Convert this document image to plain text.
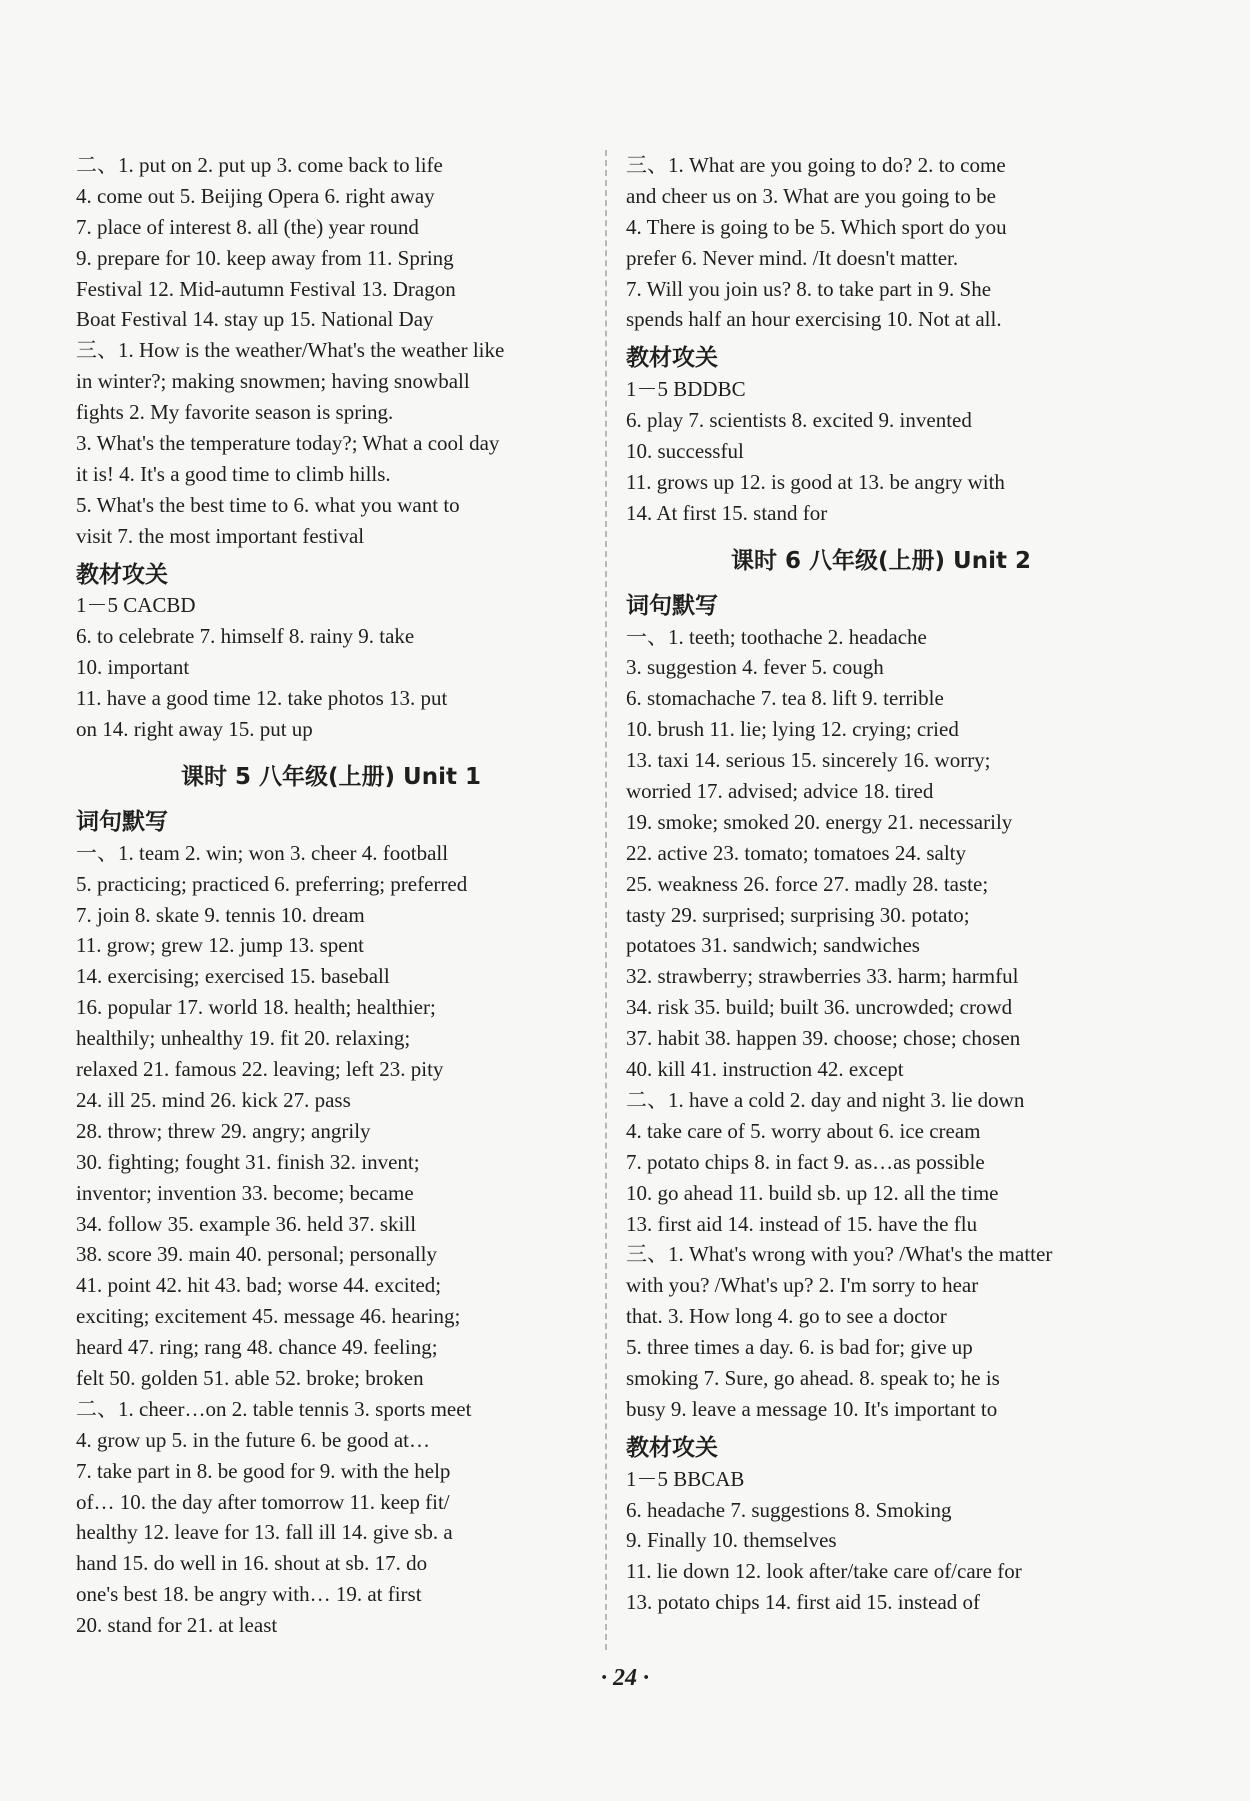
二、1. put on 2. put up 3. come back to life
4. come out 5. Beijing Opera 6. right away
7. place of interest 8. all (the) year round
9. prepare for 10. keep away from 11. Spring
Festival 12. Mid-autumn Festival 13. Dragon
Boat Festival 14. stay up 15. National Day
三、1. How is the weather/What's the weather like
in winter?; making snowmen; having snowball
fights 2. My favorite season is spring.
3. What's the temperature today?; What a cool day
it is! 4. It's a good time to climb hills.
5. What's the best time to 6. what you want to
visit 7. the most important festival
教材攻关
1－5 CACBD
6. to celebrate 7. himself 8. rainy 9. take
10. important
11. have a good time 12. take photos 13. put
on 14. right away 15. put up
课时 5 八年级(上册) Unit 1
词句默写
一、1. team 2. win; won 3. cheer 4. football
5. practicing; practiced 6. preferring; preferred
7. join 8. skate 9. tennis 10. dream
11. grow; grew 12. jump 13. spent
14. exercising; exercised 15. baseball
16. popular 17. world 18. health; healthier;
healthily; unhealthy 19. fit 20. relaxing;
relaxed 21. famous 22. leaving; left 23. pity
24. ill 25. mind 26. kick 27. pass
28. throw; threw 29. angry; angrily
30. fighting; fought 31. finish 32. invent;
inventor; invention 33. become; became
34. follow 35. example 36. held 37. skill
38. score 39. main 40. personal; personally
41. point 42. hit 43. bad; worse 44. excited;
exciting; excitement 45. message 46. hearing;
heard 47. ring; rang 48. chance 49. feeling;
felt 50. golden 51. able 52. broke; broken
二、1. cheer…on 2. table tennis 3. sports meet
4. grow up 5. in the future 6. be good at…
7. take part in 8. be good for 9. with the help
of… 10. the day after tomorrow 11. keep fit/
healthy 12. leave for 13. fall ill 14. give sb. a
hand 15. do well in 16. shout at sb. 17. do
one's best 18. be angry with… 19. at first
20. stand for 21. at least
三、1. What are you going to do? 2. to come
and cheer us on 3. What are you going to be
4. There is going to be 5. Which sport do you
prefer 6. Never mind. /It doesn't matter.
7. Will you join us? 8. to take part in 9. She
spends half an hour exercising 10. Not at all.
教材攻关
1－5 BDDBC
6. play 7. scientists 8. excited 9. invented
10. successful
11. grows up 12. is good at 13. be angry with
14. At first 15. stand for
课时 6 八年级(上册) Unit 2
词句默写
一、1. teeth; toothache 2. headache
3. suggestion 4. fever 5. cough
6. stomachache 7. tea 8. lift 9. terrible
10. brush 11. lie; lying 12. crying; cried
13. taxi 14. serious 15. sincerely 16. worry;
worried 17. advised; advice 18. tired
19. smoke; smoked 20. energy 21. necessarily
22. active 23. tomato; tomatoes 24. salty
25. weakness 26. force 27. madly 28. taste;
tasty 29. surprised; surprising 30. potato;
potatoes 31. sandwich; sandwiches
32. strawberry; strawberries 33. harm; harmful
34. risk 35. build; built 36. uncrowded; crowd
37. habit 38. happen 39. choose; chose; chosen
40. kill 41. instruction 42. except
二、1. have a cold 2. day and night 3. lie down
4. take care of 5. worry about 6. ice cream
7. potato chips 8. in fact 9. as…as possible
10. go ahead 11. build sb. up 12. all the time
13. first aid 14. instead of 15. have the flu
三、1. What's wrong with you? /What's the matter
with you? /What's up? 2. I'm sorry to hear
that. 3. How long 4. go to see a doctor
5. three times a day. 6. is bad for; give up
smoking 7. Sure, go ahead. 8. speak to; he is
busy 9. leave a message 10. It's important to
教材攻关
1－5 BBCAB
6. headache 7. suggestions 8. Smoking
9. Finally 10. themselves
11. lie down 12. look after/take care of/care for
13. potato chips 14. first aid 15. instead of
· 24 ·
